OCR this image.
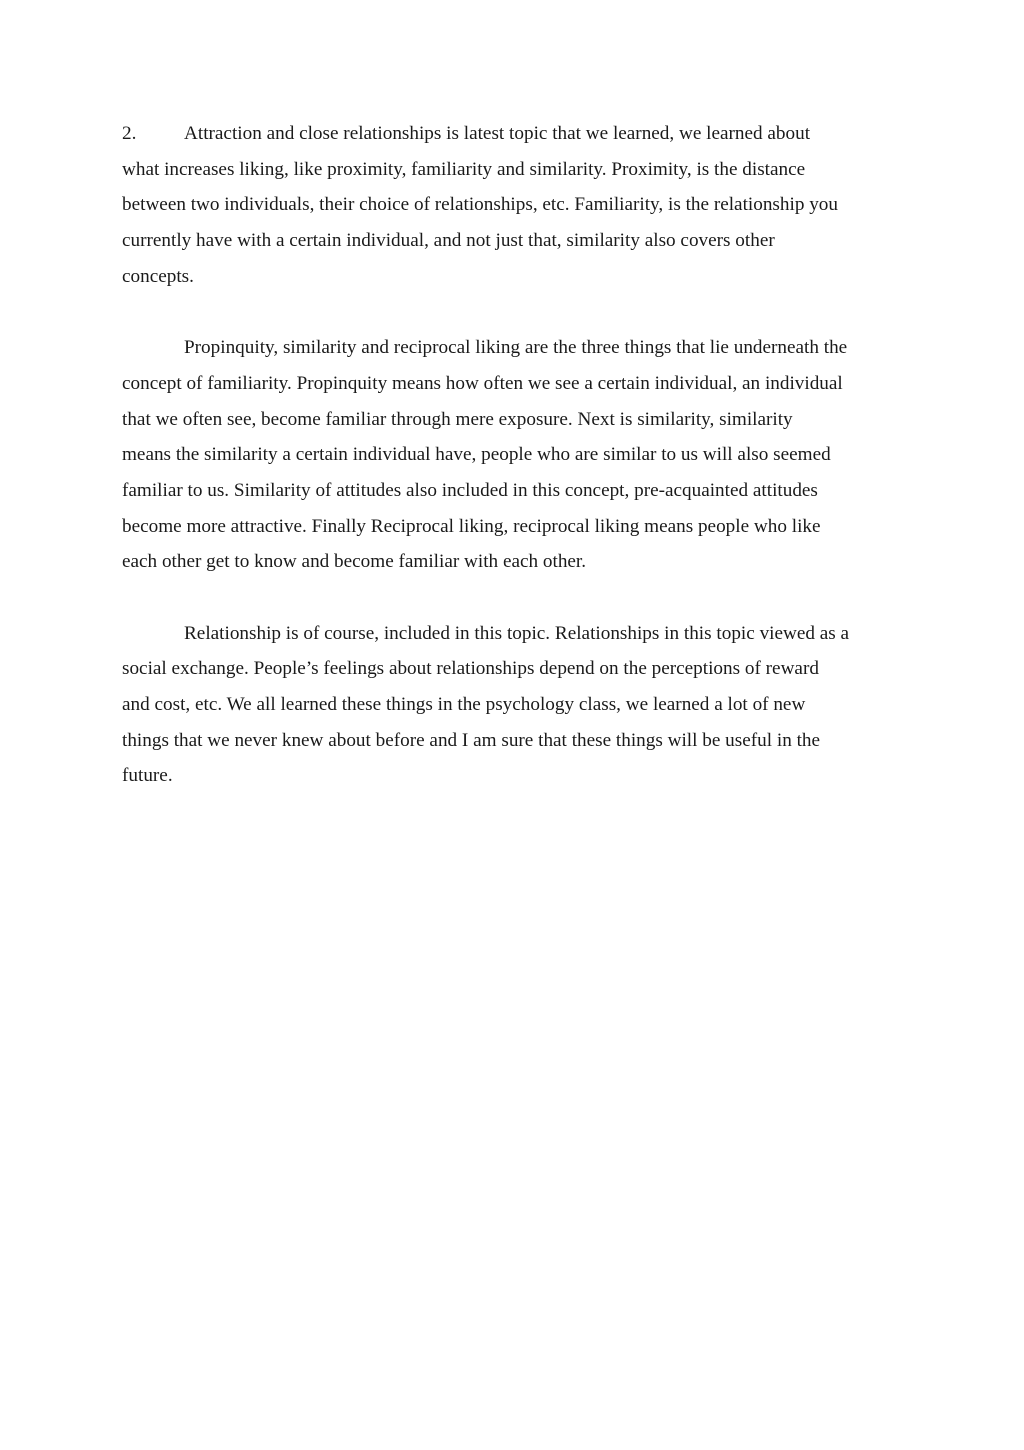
2. Attraction and close relationships is latest topic that we learned, we learned about
what increases liking, like proximity, familiarity and similarity. Proximity, is the distance
between two individuals, their choice of relationships, etc. Familiarity, is the relationship you
currently have with a certain individual, and not just that, similarity also covers other
concepts.

Propinquity, similarity and reciprocal liking are the three things that lie underneath the
concept of familiarity. Propinquity means how often we see a certain individual, an individual
that we often see, become familiar through mere exposure. Next is similarity, similarity
means the similarity a certain individual have, people who are similar to us will also seemed
familiar to us. Similarity of attitudes also included in this concept, pre-acquainted attitudes
become more attractive. Finally Reciprocal liking, reciprocal liking means people who like
each other get to know and become familiar with each other.

Relationship is of course, included in this topic. Relationships in this topic viewed as a
social exchange. People’s feelings about relationships depend on the perceptions of reward
and cost, etc. We all learned these things in the psychology class, we learned a lot of new
things that we never knew about before and I am sure that these things will be useful in the
future.
